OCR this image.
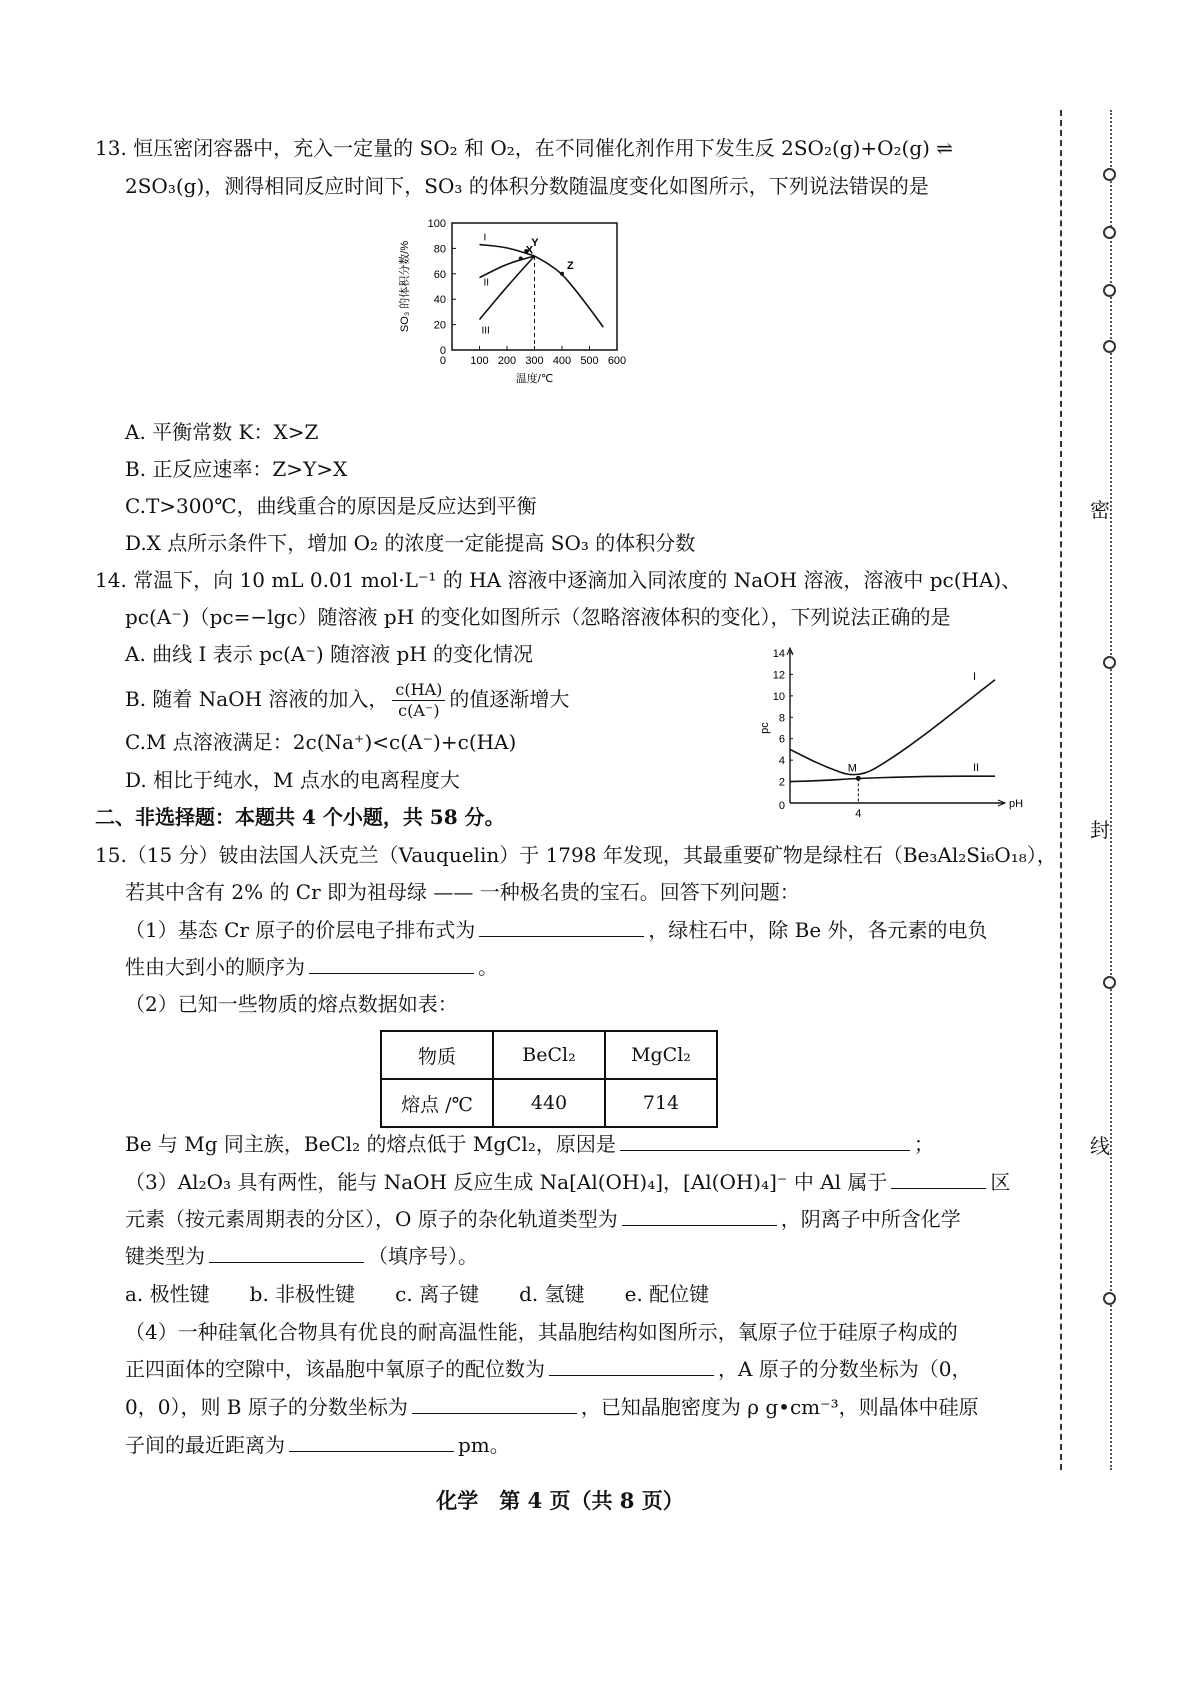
13. 恒压密闭容器中，充入一定量的 SO₂ 和 O₂，在不同催化剂作用下发生反 2SO₂(g)+O₂(g) ⇌
2SO₃(g)，测得相同反应时间下，SO₃ 的体积分数随温度变化如图所示，下列说法错误的是
0
20
40
60
80
100
100 200 300 400 500 600
0
温度/℃
SO₃ 的体积分数/%
I
II
III
Y
X
Z
A. 平衡常数 K：X>Z
B. 正反应速率：Z>Y>X
C.T>300℃，曲线重合的原因是反应达到平衡
D.X 点所示条件下，增加 O₂ 的浓度一定能提高 SO₃ 的体积分数
14. 常温下，向 10 mL 0.01 mol·L⁻¹ 的 HA 溶液中逐滴加入同浓度的 NaOH 溶液，溶液中 pc(HA)、
pc(A⁻)（pc=−lgc）随溶液 pH 的变化如图所示（忽略溶液体积的变化），下列说法正确的是
A. 曲线 I 表示 pc(A⁻) 随溶液 pH 的变化情况
B. 随着 NaOH 溶液的加入， $\frac{c(HA)}{c(A^-)}$ 的值逐渐增大
C.M 点溶液满足：2c(Na⁺)<c(A⁻)+c(HA)
D. 相比于纯水，M 点水的电离程度大	2
4
6
8
10
12
14
0
4
pH
pc
I
II
M
二、非选择题：本题共 4 个小题，共 58 分。
15.（15 分）铍由法国人沃克兰（Vauquelin）于 1798 年发现，其最重要矿物是绿柱石（Be₃Al₂Si₆O₁₈），
若其中含有 2% 的 Cr 即为祖母绿 —— 一种极名贵的宝石。回答下列问题：
（1）基态 Cr 原子的价层电子排布式为	，绿柱石中，除 Be 外，各元素的电负
性由大到小的顺序为	。
（2）已知一些物质的熔点数据如表：
物质	BeCl₂	MgCl₂
熔点 /℃	440	714
Be 与 Mg 同主族，BeCl₂ 的熔点低于 MgCl₂，原因是	；
（3）Al₂O₃ 具有两性，能与 NaOH 反应生成 Na[Al(OH)₄]，[Al(OH)₄]⁻ 中 Al 属于	区
元素（按元素周期表的分区），O 原子的杂化轨道类型为	，阴离子中所含化学
键类型为	（填序号）。
a. 极性键 b. 非极性键 c. 离子键 d. 氢键 e. 配位键
（4）一种硅氧化合物具有优良的耐高温性能，其晶胞结构如图所示，氧原子位于硅原子构成的
正四面体的空隙中，该晶胞中氧原子的配位数为	，A 原子的分数坐标为（0，
0，0），则 B 原子的分数坐标为	，已知晶胞密度为 ρ g•cm⁻³，则晶体中硅原
子间的最近距离为	pm。
密
封
线
化学　第 4 页（共 8 页）
